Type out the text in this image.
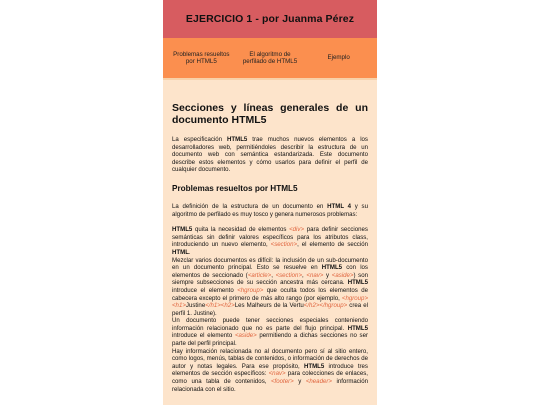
EJERCICIO 1 - por Juanma Pérez
Problemas resueltos por HTML5
El algoritmo de perfilado de HTML5
Ejemplo
Secciones y líneas generales de un documento HTML5

La especificación HTML5 trae muchos nuevos elementos a los desarrolladores web, permitiéndoles describir la estructura de un documento web con semántica estandarizada. Este documento describe estos elementos y cómo usarlos para definir el perfil de cualquier documento.

Problemas resueltos por HTML5

La definición de la estructura de un documento en HTML 4 y su algoritmo de perfilado es muy tosco y genera numerosos problemas:

HTML5 quita la necesidad de elementos <div> para definir secciones semánticas sin definir valores específicos para los atributos class, introduciendo un nuevo elemento, <section>, el elemento de sección HTML.

Mezclar varios documentos es difícil: la inclusión de un sub-documento en un documento principal. Esto se resuelve en HTML5 con los elementos de seccionado (<article>, <section>, <nav> y <aside>) son siempre subsecciones de su sección ancestra más cercana. HTML5 introduce el elemento <hgroup> que oculta todos los elementos de cabecera excepto el primero de más alto rango (por ejemplo, <hgroup><h1>Justine</h1><h2>Les Malheurs de la Vertu</h2></hgroup> crea el perfil 1. Justine).

Un documento puede tener secciones especiales conteniendo información relacionado que no es parte del flujo principal. HTML5 introduce el elemento <aside> permitiendo a dichas secciones no ser parte del perfil principal.

Hay información relacionada no al documento pero sí al sitio entero, como logos, menús, tablas de contenidos, o información de derechos de autor y notas legales. Para ese propósito, HTML5 introduce tres elementos de sección específicos: <nav> para colecciones de enlaces, como una tabla de contenidos, <footer> y <header> información relacionada con el sitio.
